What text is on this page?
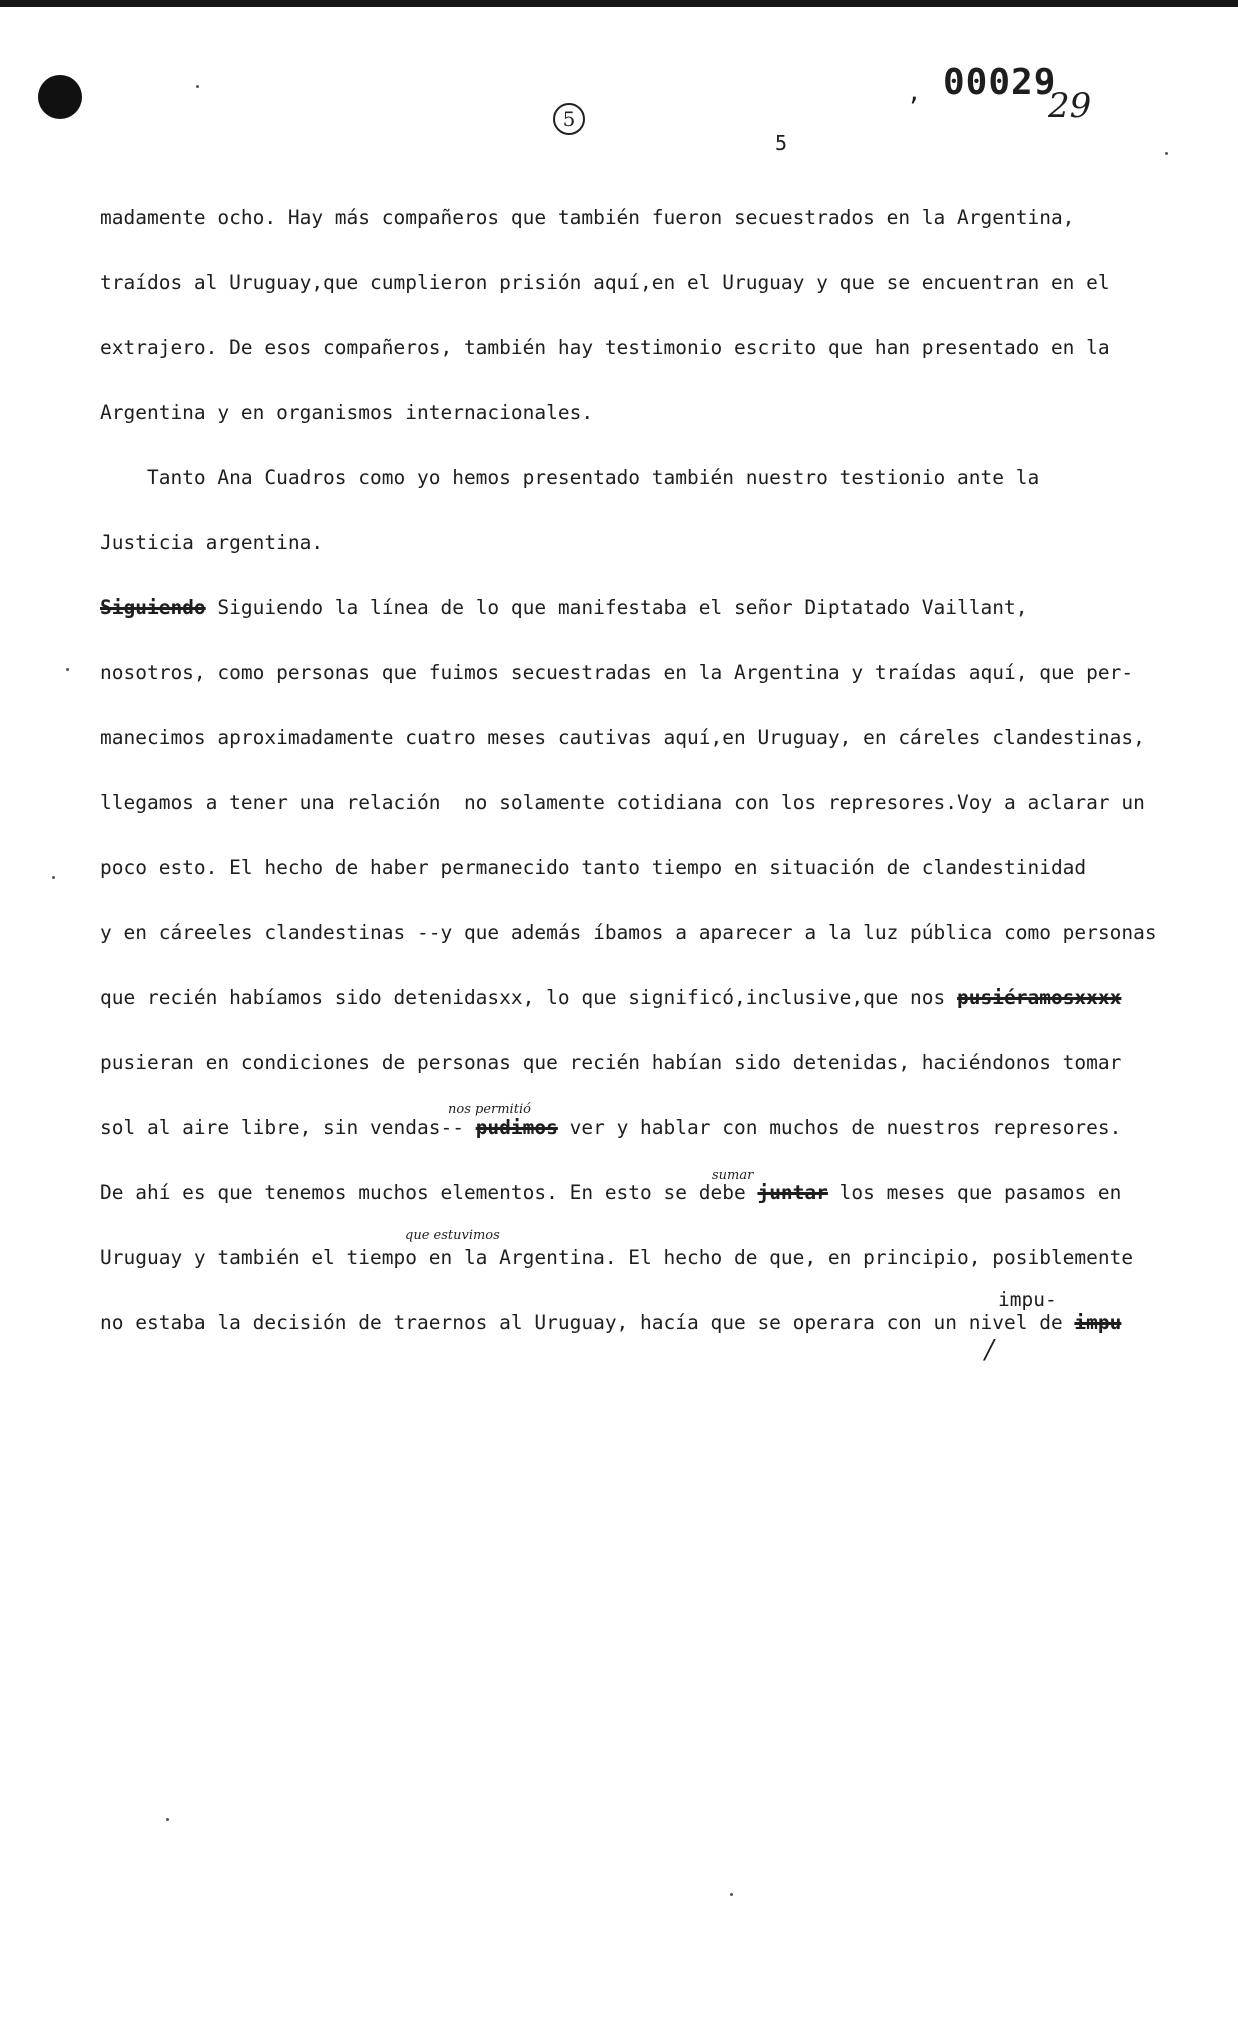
5
5
, 00029
29
madamente ocho. Hay más compañeros que también fueron secuestrados en la Argentina,
traídos al Uruguay,que cumplieron prisión aquí,en el Uruguay y que se encuentran en el
extrajero. De esos compañeros, también hay testimonio escrito que han presentado en la
Argentina y en organismos internacionales.
Tanto Ana Cuadros como yo hemos presentado también nuestro testionio ante la
Justicia argentina.
Siguiendo Siguiendo la línea de lo que manifestaba el señor Diptatado Vaillant,
nosotros, como personas que fuimos secuestradas en la Argentina y traídas aquí, que per-
manecimos aproximadamente cuatro meses cautivas aquí,en Uruguay, en cáreles clandestinas,
llegamos a tener una relación  no solamente cotidiana con los represores.Voy a aclarar un
poco esto. El hecho de haber permanecido tanto tiempo en situación de clandestinidad
y en cáreeles clandestinas --y que además íbamos a aparecer a la luz pública como personas
que recién habíamos sido detenidasxx, lo que significó,inclusive,que nos pusiéramosxxxx
pusieran en condiciones de personas que recién habían sido detenidas, haciéndonos tomar
sol al aire libre, sin vendas-- pudimos ver y hablar con muchos de nuestros represores.
De ahí es que tenemos muchos elementos. En esto se debe juntar los meses que pasamos en
Uruguay y también el tiempo en la Argentina. El hecho de que, en principio, posiblemente
no estaba la decisión de traernos al Uruguay, hacía que se operara con un nivel de impu
impu-
/
nos permitió
sumar
que estuvimos
